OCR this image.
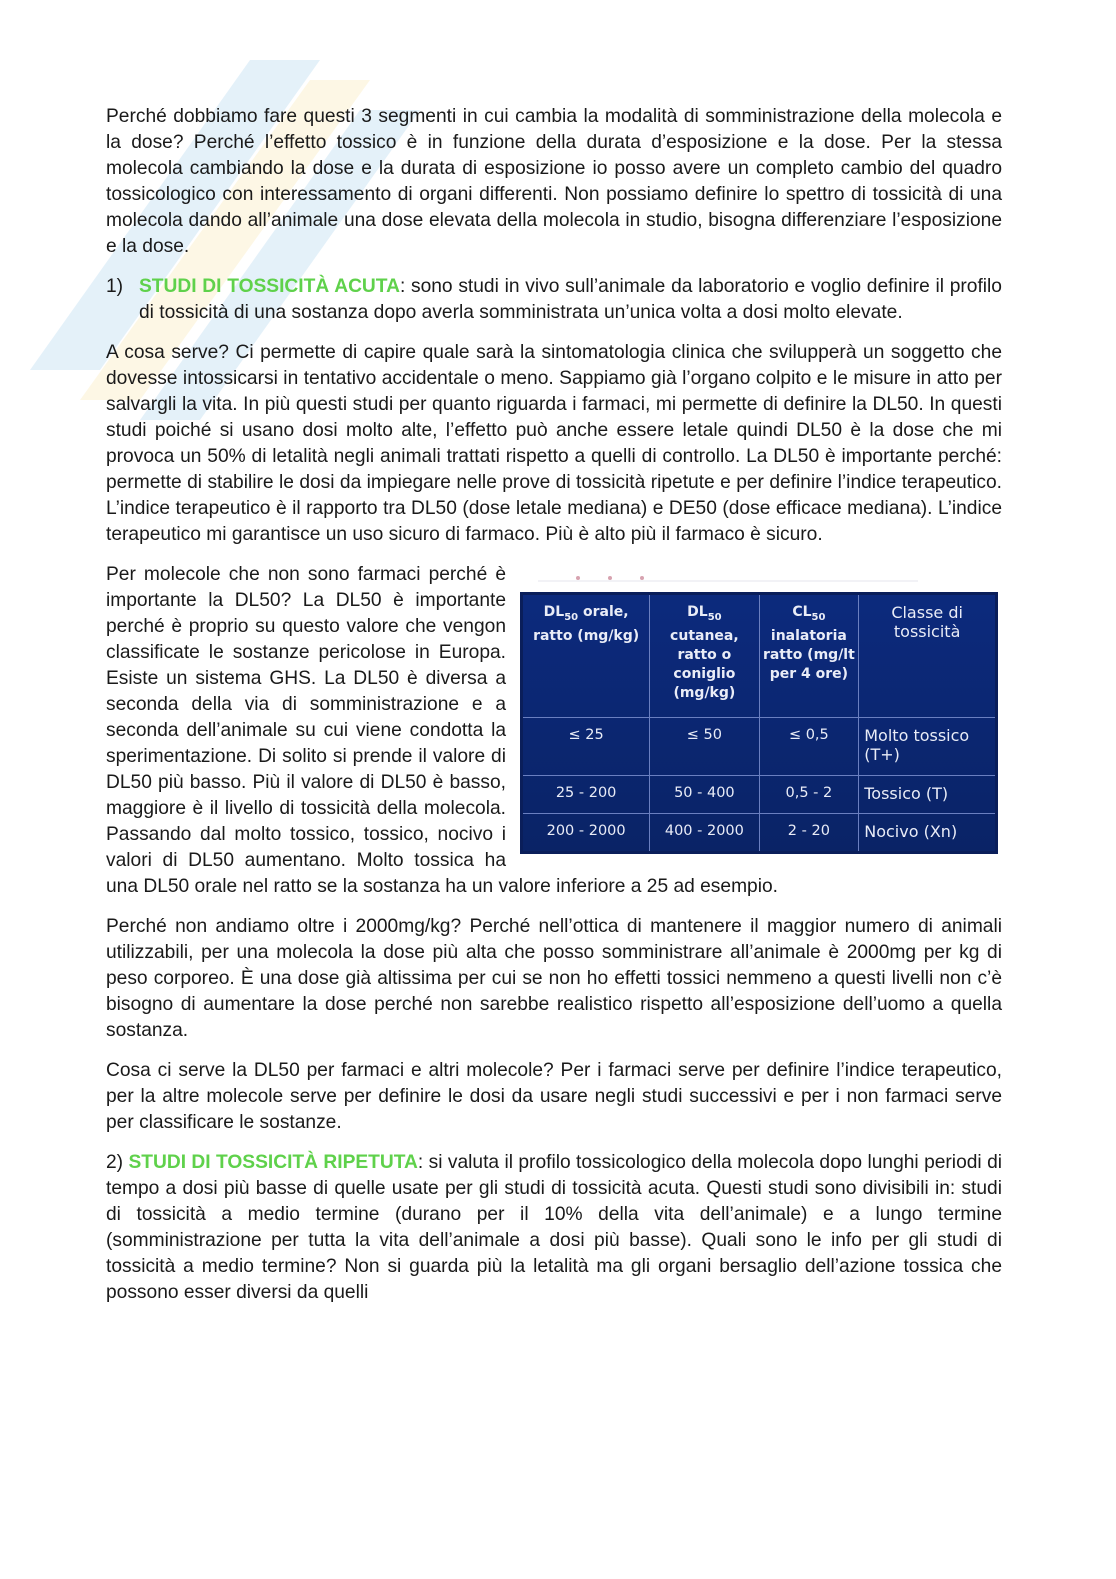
Perché dobbiamo fare questi 3 segmenti in cui cambia la modalità di somministrazione della molecola e la dose? Perché l’effetto tossico è in funzione della durata d’esposizione e la dose. Per la stessa molecola cambiando la dose e la durata di esposizione io posso avere un completo cambio del quadro tossicologico con interessamento di organi differenti. Non possiamo definire lo spettro di tossicità di una molecola dando all’animale una dose elevata della molecola in studio, bisogna differenziare l’esposizione e la dose.

1) STUDI DI TOSSICITÀ ACUTA: sono studi in vivo sull’animale da laboratorio e voglio definire il profilo di tossicità di una sostanza dopo averla somministrata un’unica volta a dosi molto elevate.

A cosa serve? Ci permette di capire quale sarà la sintomatologia clinica che svilupperà un soggetto che dovesse intossicarsi in tentativo accidentale o meno. Sappiamo già l’organo colpito e le misure in atto per salvargli la vita. In più questi studi per quanto riguarda i farmaci, mi permette di definire la DL50. In questi studi poiché si usano dosi molto alte, l’effetto può anche essere letale quindi DL50 è la dose che mi provoca un 50% di letalità negli animali trattati rispetto a quelli di controllo. La DL50 è importante perché: permette di stabilire le dosi da impiegare nelle prove di tossicità ripetute e per definire l’indice terapeutico. L’indice terapeutico è il rapporto tra DL50 (dose letale mediana) e DE50 (dose efficace mediana). L’indice terapeutico mi garantisce un uso sicuro di farmaco. Più è alto più il farmaco è sicuro.

$DL_{50}$ orale, ratto (mg/kg)	$DL_{50}$ cutanea, ratto o coniglio (mg/kg)	$CL_{50}$ inalatoria ratto (mg/lt per 4 ore)	Classe di tossicità
≤ 25	≤ 50	≤ 0,5	Molto tossico (T+)
25 - 200	50 - 400	0,5 - 2	Tossico (T)
200 - 2000	400 - 2000	2 - 20	Nocivo (Xn)

Per molecole che non sono farmaci perché è importante la DL50? La DL50 è importante perché è proprio su questo valore che vengon classificate le sostanze pericolose in Europa. Esiste un sistema GHS. La DL50 è diversa a seconda della via di somministrazione e a seconda dell’animale su cui viene condotta la sperimentazione. Di solito si prende il valore di DL50 più basso. Più il valore di DL50 è basso, maggiore è il livello di tossicità della molecola. Passando dal molto tossico, tossico, nocivo i valori di DL50 aumentano. Molto tossica ha una DL50 orale nel ratto se la sostanza ha un valore inferiore a 25 ad esempio.

Perché non andiamo oltre i 2000mg/kg? Perché nell’ottica di mantenere il maggior numero di animali utilizzabili, per una molecola la dose più alta che posso somministrare all’animale è 2000mg per kg di peso corporeo. È una dose già altissima per cui se non ho effetti tossici nemmeno a questi livelli non c’è bisogno di aumentare la dose perché non sarebbe realistico rispetto all’esposizione dell’uomo a quella sostanza.

Cosa ci serve la DL50 per farmaci e altri molecole? Per i farmaci serve per definire l’indice terapeutico, per la altre molecole serve per definire le dosi da usare negli studi successivi e per i non farmaci serve per classificare le sostanze.

2) STUDI DI TOSSICITÀ RIPETUTA: si valuta il profilo tossicologico della molecola dopo lunghi periodi di tempo a dosi più basse di quelle usate per gli studi di tossicità acuta. Questi studi sono divisibili in: studi di tossicità a medio termine (durano per il 10% della vita dell’animale) e a lungo termine (somministrazione per tutta la vita dell’animale a dosi più basse). Quali sono le info per gli studi di tossicità a medio termine? Non si guarda più la letalità ma gli organi bersaglio dell’azione tossica che possono esser diversi da quelli
